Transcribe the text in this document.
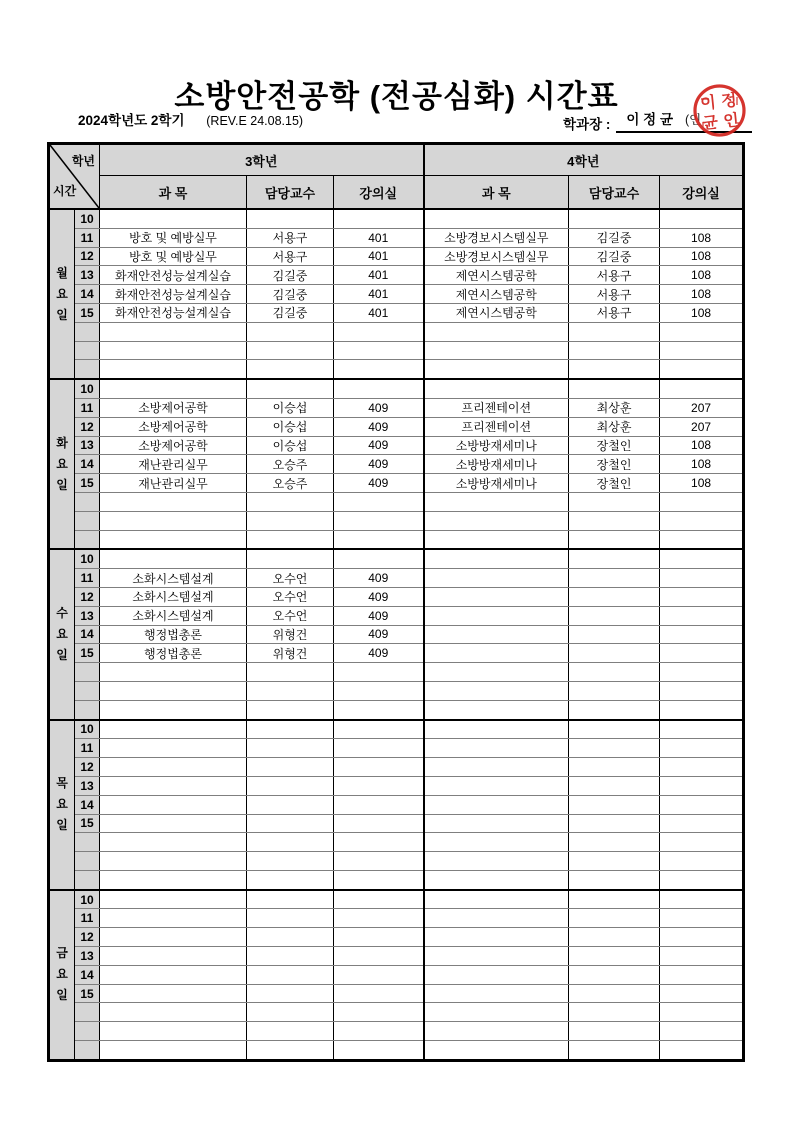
소방안전공학 (전공심화) 시간표
2024학년도 2학기 (REV.E 24.08.15)	학과장 : 이 정 균 (인
이 정
균 인
학년
시간		3학년			4학년		
		과 목	담당교수	강의실	과 목	담당교수	강의실

월
요
일	10						
	11	방호 및 예방실무	서용구	401	소방경보시스템실무	김길중	108
	12	방호 및 예방실무	서용구	401	소방경보시스템실무	김길중	108
	13	화재안전성능설계실습	김길중	401	제연시스템공학	서용구	108
	14	화재안전성능설계실습	김길중	401	제연시스템공학	서용구	108
	15	화재안전성능설계실습	김길중	401	제연시스템공학	서용구	108

화
요
일	10						
	11	소방제어공학	이승섭	409	프리젠테이션	최상훈	207
	12	소방제어공학	이승섭	409	프리젠테이션	최상훈	207
	13	소방제어공학	이승섭	409	소방방재세미나	장철인	108
	14	재난관리실무	오승주	409	소방방재세미나	장철인	108
	15	재난관리실무	오승주	409	소방방재세미나	장철인	108

수
요
일	10						
	11	소화시스템설계	오수언	409			
	12	소화시스템설계	오수언	409			
	13	소화시스템설계	오수언	409			
	14	행정법총론	위형건	409			
	15	행정법총론	위형건	409			

목
요
일	10						
	11						
	12						
	13						
	14						
	15						

금
요
일	10						
	11						
	12						
	13						
	14						
	15						
